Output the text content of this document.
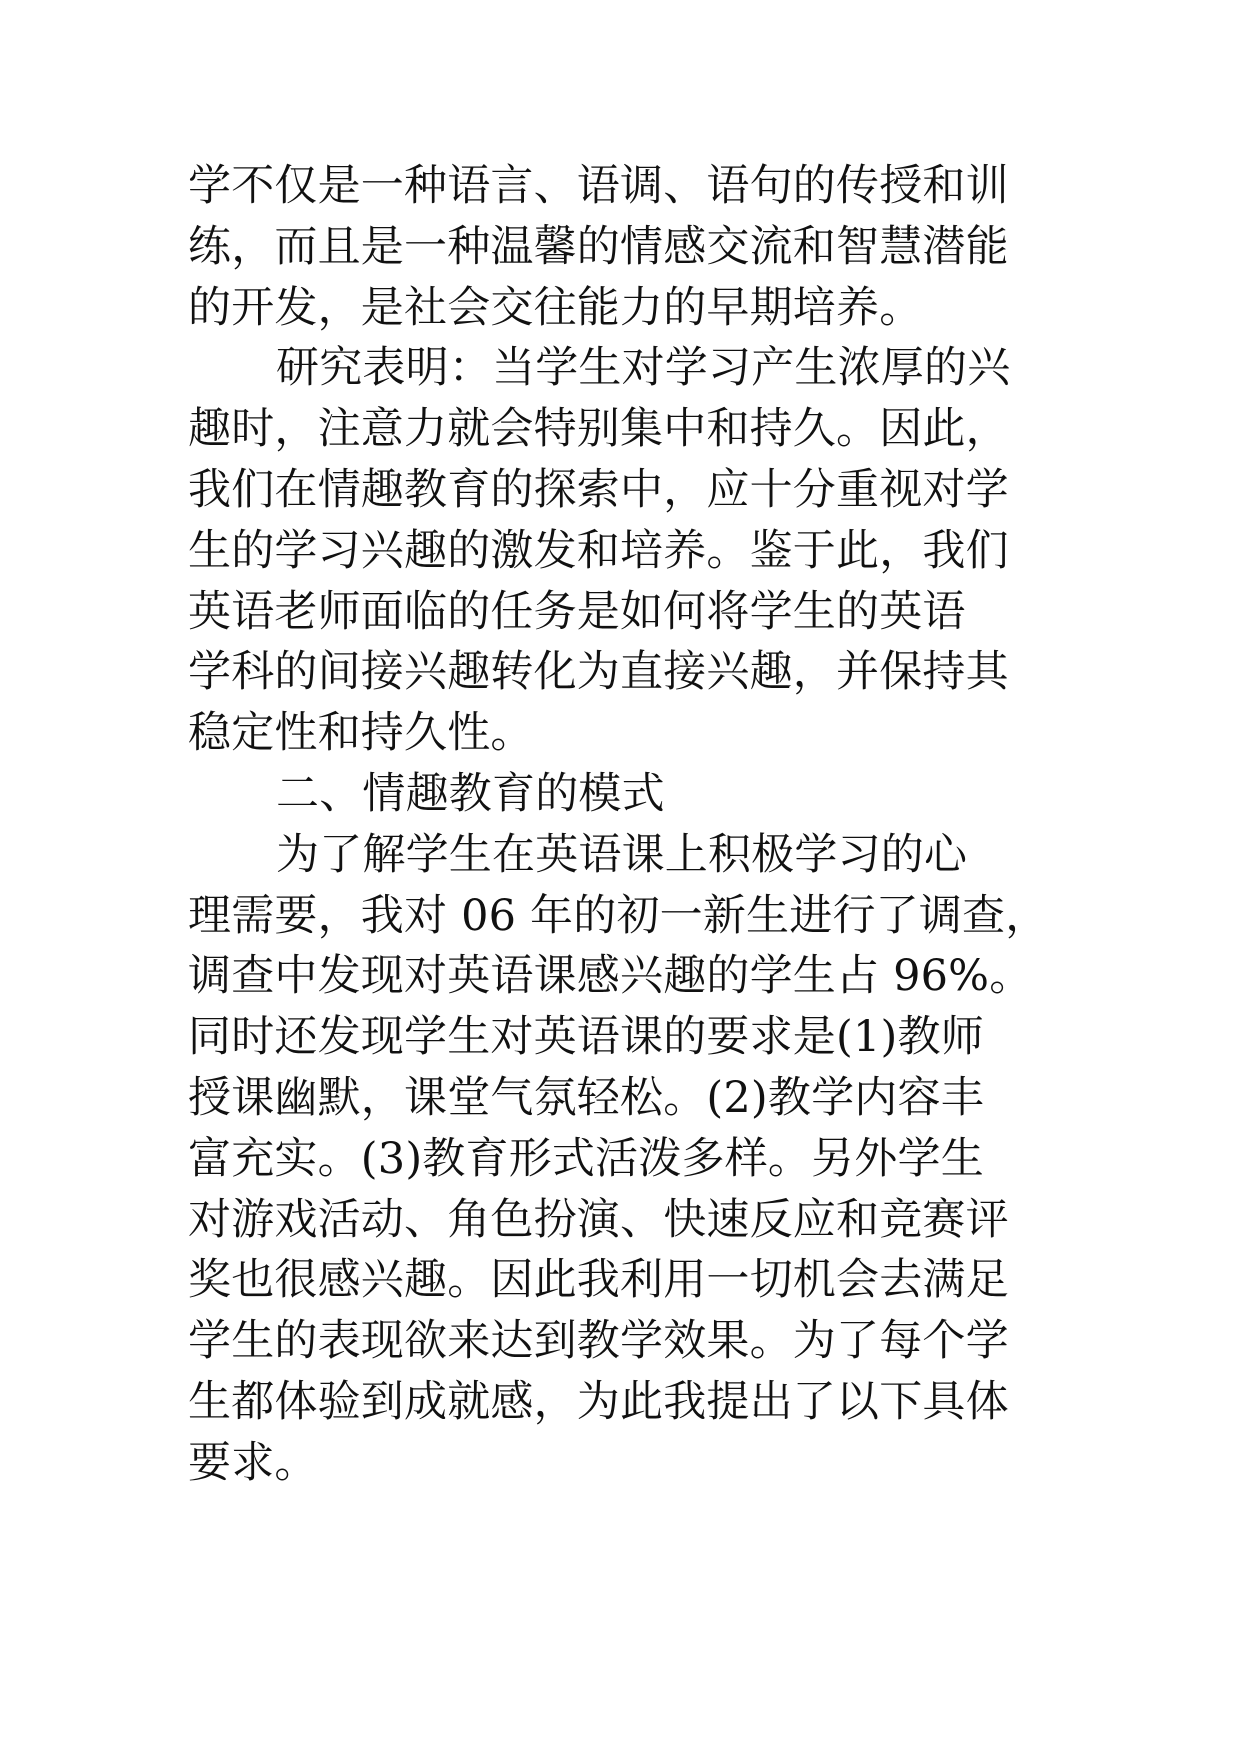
学不仅是一种语言、语调、语句的传授和训
练，而且是一种温馨的情感交流和智慧潜能
的开发，是社会交往能力的早期培养。
研究表明：当学生对学习产生浓厚的兴
趣时，注意力就会特别集中和持久。因此，
我们在情趣教育的探索中，应十分重视对学
生的学习兴趣的激发和培养。鉴于此，我们
英语老师面临的任务是如何将学生的英语
学科的间接兴趣转化为直接兴趣，并保持其
稳定性和持久性。
二、情趣教育的模式
为了解学生在英语课上积极学习的心
理需要，我对 06 年的初一新生进行了调查，
调查中发现对英语课感兴趣的学生占 96%。
同时还发现学生对英语课的要求是(1)教师
授课幽默，课堂气氛轻松。(2)教学内容丰
富充实。(3)教育形式活泼多样。另外学生
对游戏活动、角色扮演、快速反应和竞赛评
奖也很感兴趣。因此我利用一切机会去满足
学生的表现欲来达到教学效果。为了每个学
生都体验到成就感，为此我提出了以下具体
要求。
